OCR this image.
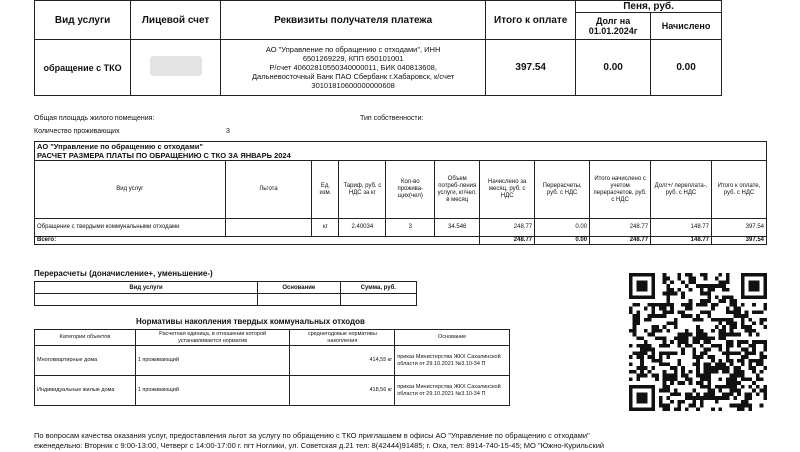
Вид услуги	Лицевой счет	Реквизиты получателя платежа	Итого к оплате	Пеня, руб.	
				Долг на 01.01.2024г	Начислено
обращение с ТКО		АО "Управление по обращению с отходами", ИНН
6501269229, КПП 650101001
Р/счет 40602810550340000011, БИК 040813608,
Дальневосточный Банк ПАО Сбербанк г.Хабаровск, к/счет
30101810600000000608	397.54	0.00	0.00
Общая площадь жилого помещения:	Тип собственности:
Количество проживающих	3
АО "Управление по обращению с отходами"
РАСЧЕТ РАЗМЕРА ПЛАТЫ ПО ОБРАЩЕНИЮ С ТКО ЗА ЯНВАРЬ 2024										

Вид услуг	Льгота	Ед. изм.	Тариф, руб. с НДС за кг	Кол-во прожива-щих(чел)	Объем потреб-ления услуги, кг/чел. в месяц	Начислено за месяц, руб. с НДС	Перерасчеты, руб. с НДС	Итого начислено с учетом перерасчетов, руб. с НДС	Долг+/ переплата-, руб. с НДС	Итого к оплате, руб. с НДС
Обращение с твердыми коммунальными отходами		кг	2.40034	3	34.546	248.77	0.00	248.77	148.77	397.54
Всего:						248.77	0.00	248.77	148.77	397.54
Перерасчеты (доначисление+, уменьшение-)
Вид услуги	Основание	Сумма, руб.

Нормативы накопления твердых коммунальных отходов
Категории объектов	Расчетная единица, в отношении которой устанавливается норматив	среднегодовые нормативы накопления	Основание
Многоквартирные дома	1 проживающий	414,55 кг	приказ Министерства ЖКХ Сахалинской области от 29.10.2021 №3.10-34 П
Индивидуальные жилые дома	1 проживающий	418,56 кг	приказ Министерства ЖКХ Сахалинской области от 29.10.2021 №3.10-34 П
По вопросам качества оказания услуг, предоставления льгот за услугу по обращению с ТКО приглашаем в офисы АО "Управление по обращению с отходами"
еженедельно: Вторник с 9:00-13:00, Четверг с 14:00-17:00 г. пгт Ноглики, ул. Советская д.21 тел: 8(42444)91485; г. Оха, тел: 8914-740-15-45; МО "Южно-Курильский
